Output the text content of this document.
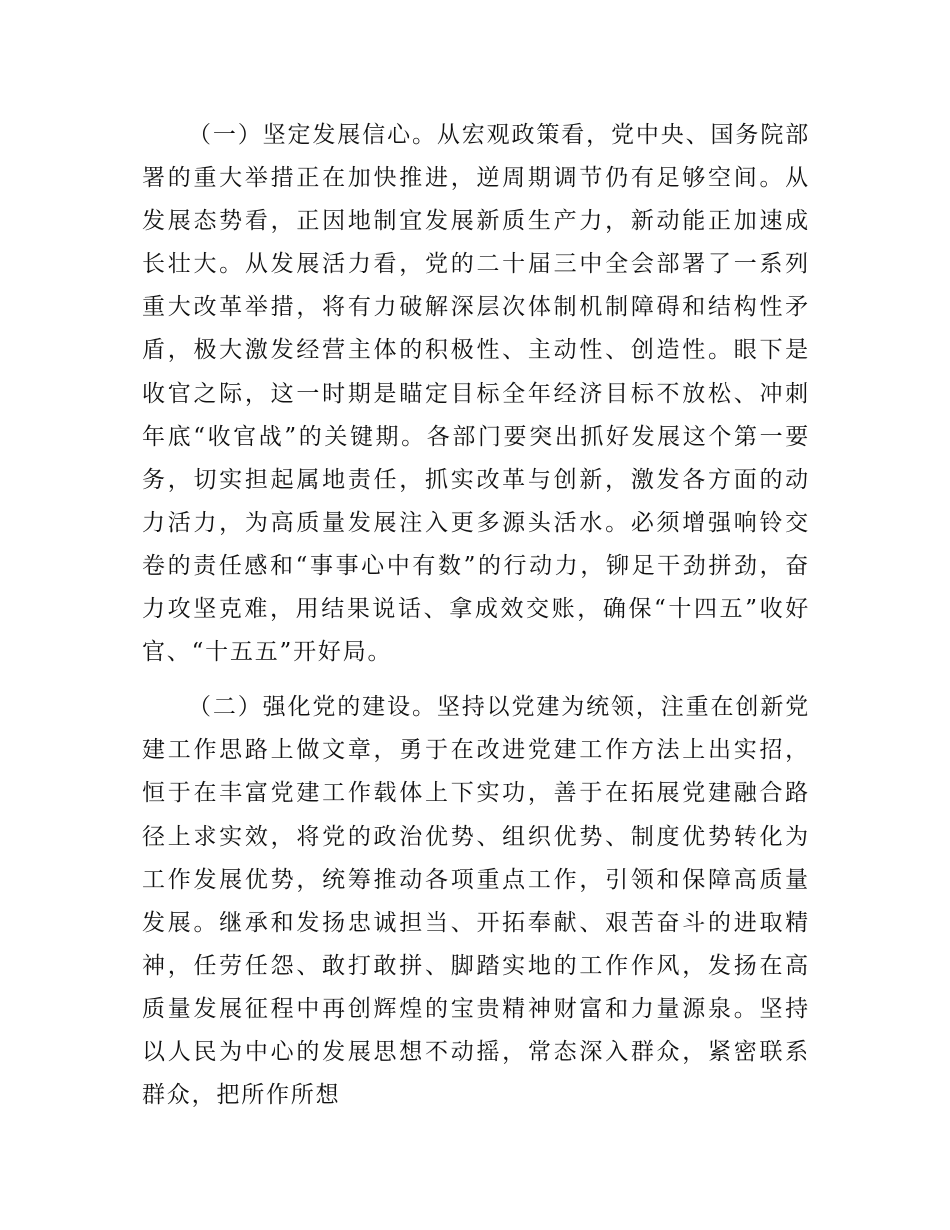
（一）坚定发展信心。从宏观政策看，党中央、国务院部署的重大举措正在加快推进，逆周期调节仍有足够空间。从发展态势看，正因地制宜发展新质生产力，新动能正加速成长壮大。从发展活力看，党的二十届三中全会部署了一系列重大改革举措，将有力破解深层次体制机制障碍和结构性矛盾，极大激发经营主体的积极性、主动性、创造性。眼下是收官之际，这一时期是瞄定目标全年经济目标不放松、冲刺年底“收官战”的关键期。各部门要突出抓好发展这个第一要务，切实担起属地责任，抓实改革与创新，激发各方面的动力活力，为高质量发展注入更多源头活水。必须增强响铃交卷的责任感和“事事心中有数”的行动力，铆足干劲拼劲，奋力攻坚克难，用结果说话、拿成效交账，确保“十四五”收好官、“十五五”开好局。

（二）强化党的建设。坚持以党建为统领，注重在创新党建工作思路上做文章，勇于在改进党建工作方法上出实招，恒于在丰富党建工作载体上下实功，善于在拓展党建融合路径上求实效，将党的政治优势、组织优势、制度优势转化为工作发展优势，统筹推动各项重点工作，引领和保障高质量发展。继承和发扬忠诚担当、开拓奉献、艰苦奋斗的进取精神，任劳任怨、敢打敢拼、脚踏实地的工作作风，发扬在高质量发展征程中再创辉煌的宝贵精神财富和力量源泉。坚持以人民为中心的发展思想不动摇，常态深入群众，紧密联系群众，把所作所想
